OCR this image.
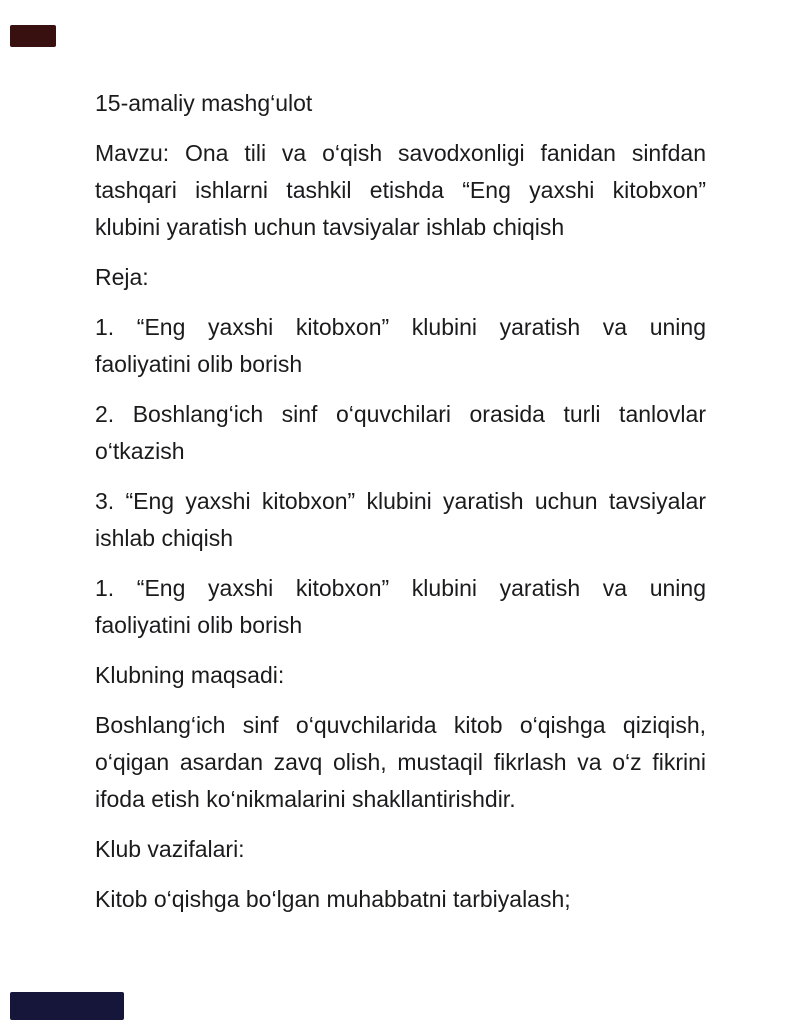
15-amaliy mashg‘ulot
Mavzu: Ona tili va o‘qish savodxonligi fanidan sinfdan
tashqari ishlarni tashkil etishda “Eng yaxshi kitobxon”
klubini yaratish uchun tavsiyalar ishlab chiqish
Reja:
1. “Eng yaxshi kitobxon” klubini yaratish va uning
faoliyatini olib borish
2. Boshlang‘ich sinf o‘quvchilari orasida turli tanlovlar
o‘tkazish
3. “Eng yaxshi kitobxon” klubini yaratish uchun tavsiyalar
ishlab chiqish
1. “Eng yaxshi kitobxon” klubini yaratish va uning
faoliyatini olib borish
Klubning maqsadi:
Boshlang‘ich sinf o‘quvchilarida kitob o‘qishga qiziqish,
o‘qigan asardan zavq olish, mustaqil fikrlash va o‘z fikrini
ifoda etish ko‘nikmalarini shakllantirishdir.
Klub vazifalari:
Kitob o‘qishga bo‘lgan muhabbatni tarbiyalash;
